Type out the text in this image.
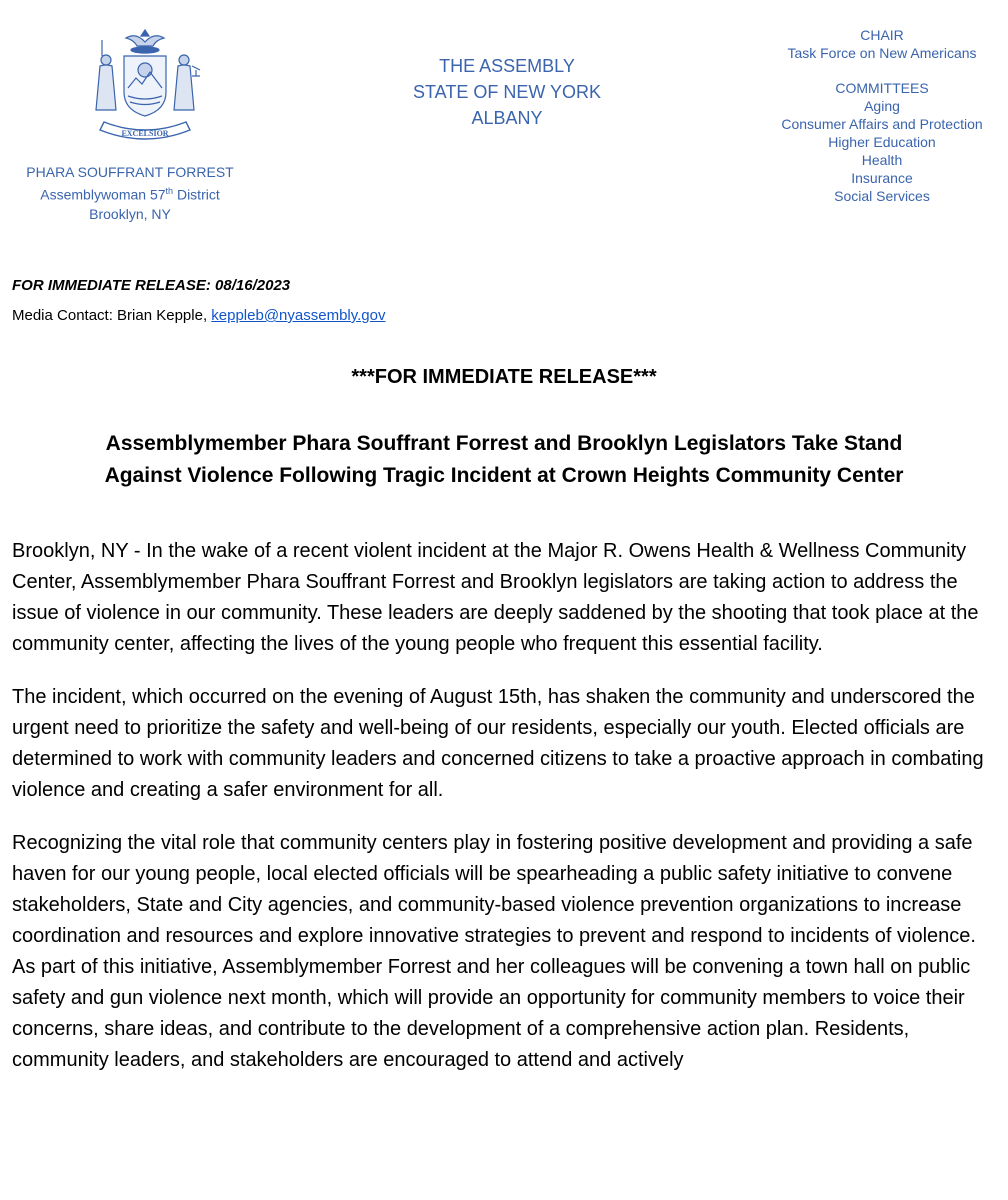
EXCELSIOR
PHARA SOUFFRANT FORREST
Assemblywoman 57th District
Brooklyn, NY
THE ASSEMBLY
STATE OF NEW YORK
ALBANY
CHAIR
Task Force on New Americans
COMMITTEES
Aging
Consumer Affairs and Protection
Higher Education
Health
Insurance
Social Services
FOR IMMEDIATE RELEASE: 08/16/2023
Media Contact: Brian Kepple, keppleb@nyassembly.gov
***FOR IMMEDIATE RELEASE***
Assemblymember Phara Souffrant Forrest and Brooklyn Legislators Take Stand
Against Violence Following Tragic Incident at Crown Heights Community Center

Brooklyn, NY - In the wake of a recent violent incident at the Major R. Owens Health & Wellness Community Center, Assemblymember Phara Souffrant Forrest and Brooklyn legislators are taking action to address the issue of violence in our community. These leaders are deeply saddened by the shooting that took place at the community center, affecting the lives of the young people who frequent this essential facility.

The incident, which occurred on the evening of August 15th, has shaken the community and underscored the urgent need to prioritize the safety and well-being of our residents, especially our youth. Elected officials are determined to work with community leaders and concerned citizens to take a proactive approach in combating violence and creating a safer environment for all.

Recognizing the vital role that community centers play in fostering positive development and providing a safe haven for our young people, local elected officials will be spearheading a public safety initiative to convene stakeholders, State and City agencies, and community-based violence prevention organizations to increase coordination and resources and explore innovative strategies to prevent and respond to incidents of violence. As part of this initiative, Assemblymember Forrest and her colleagues will be convening a town hall on public safety and gun violence next month, which will provide an opportunity for community members to voice their concerns, share ideas, and contribute to the development of a comprehensive action plan. Residents, community leaders, and stakeholders are encouraged to attend and actively
